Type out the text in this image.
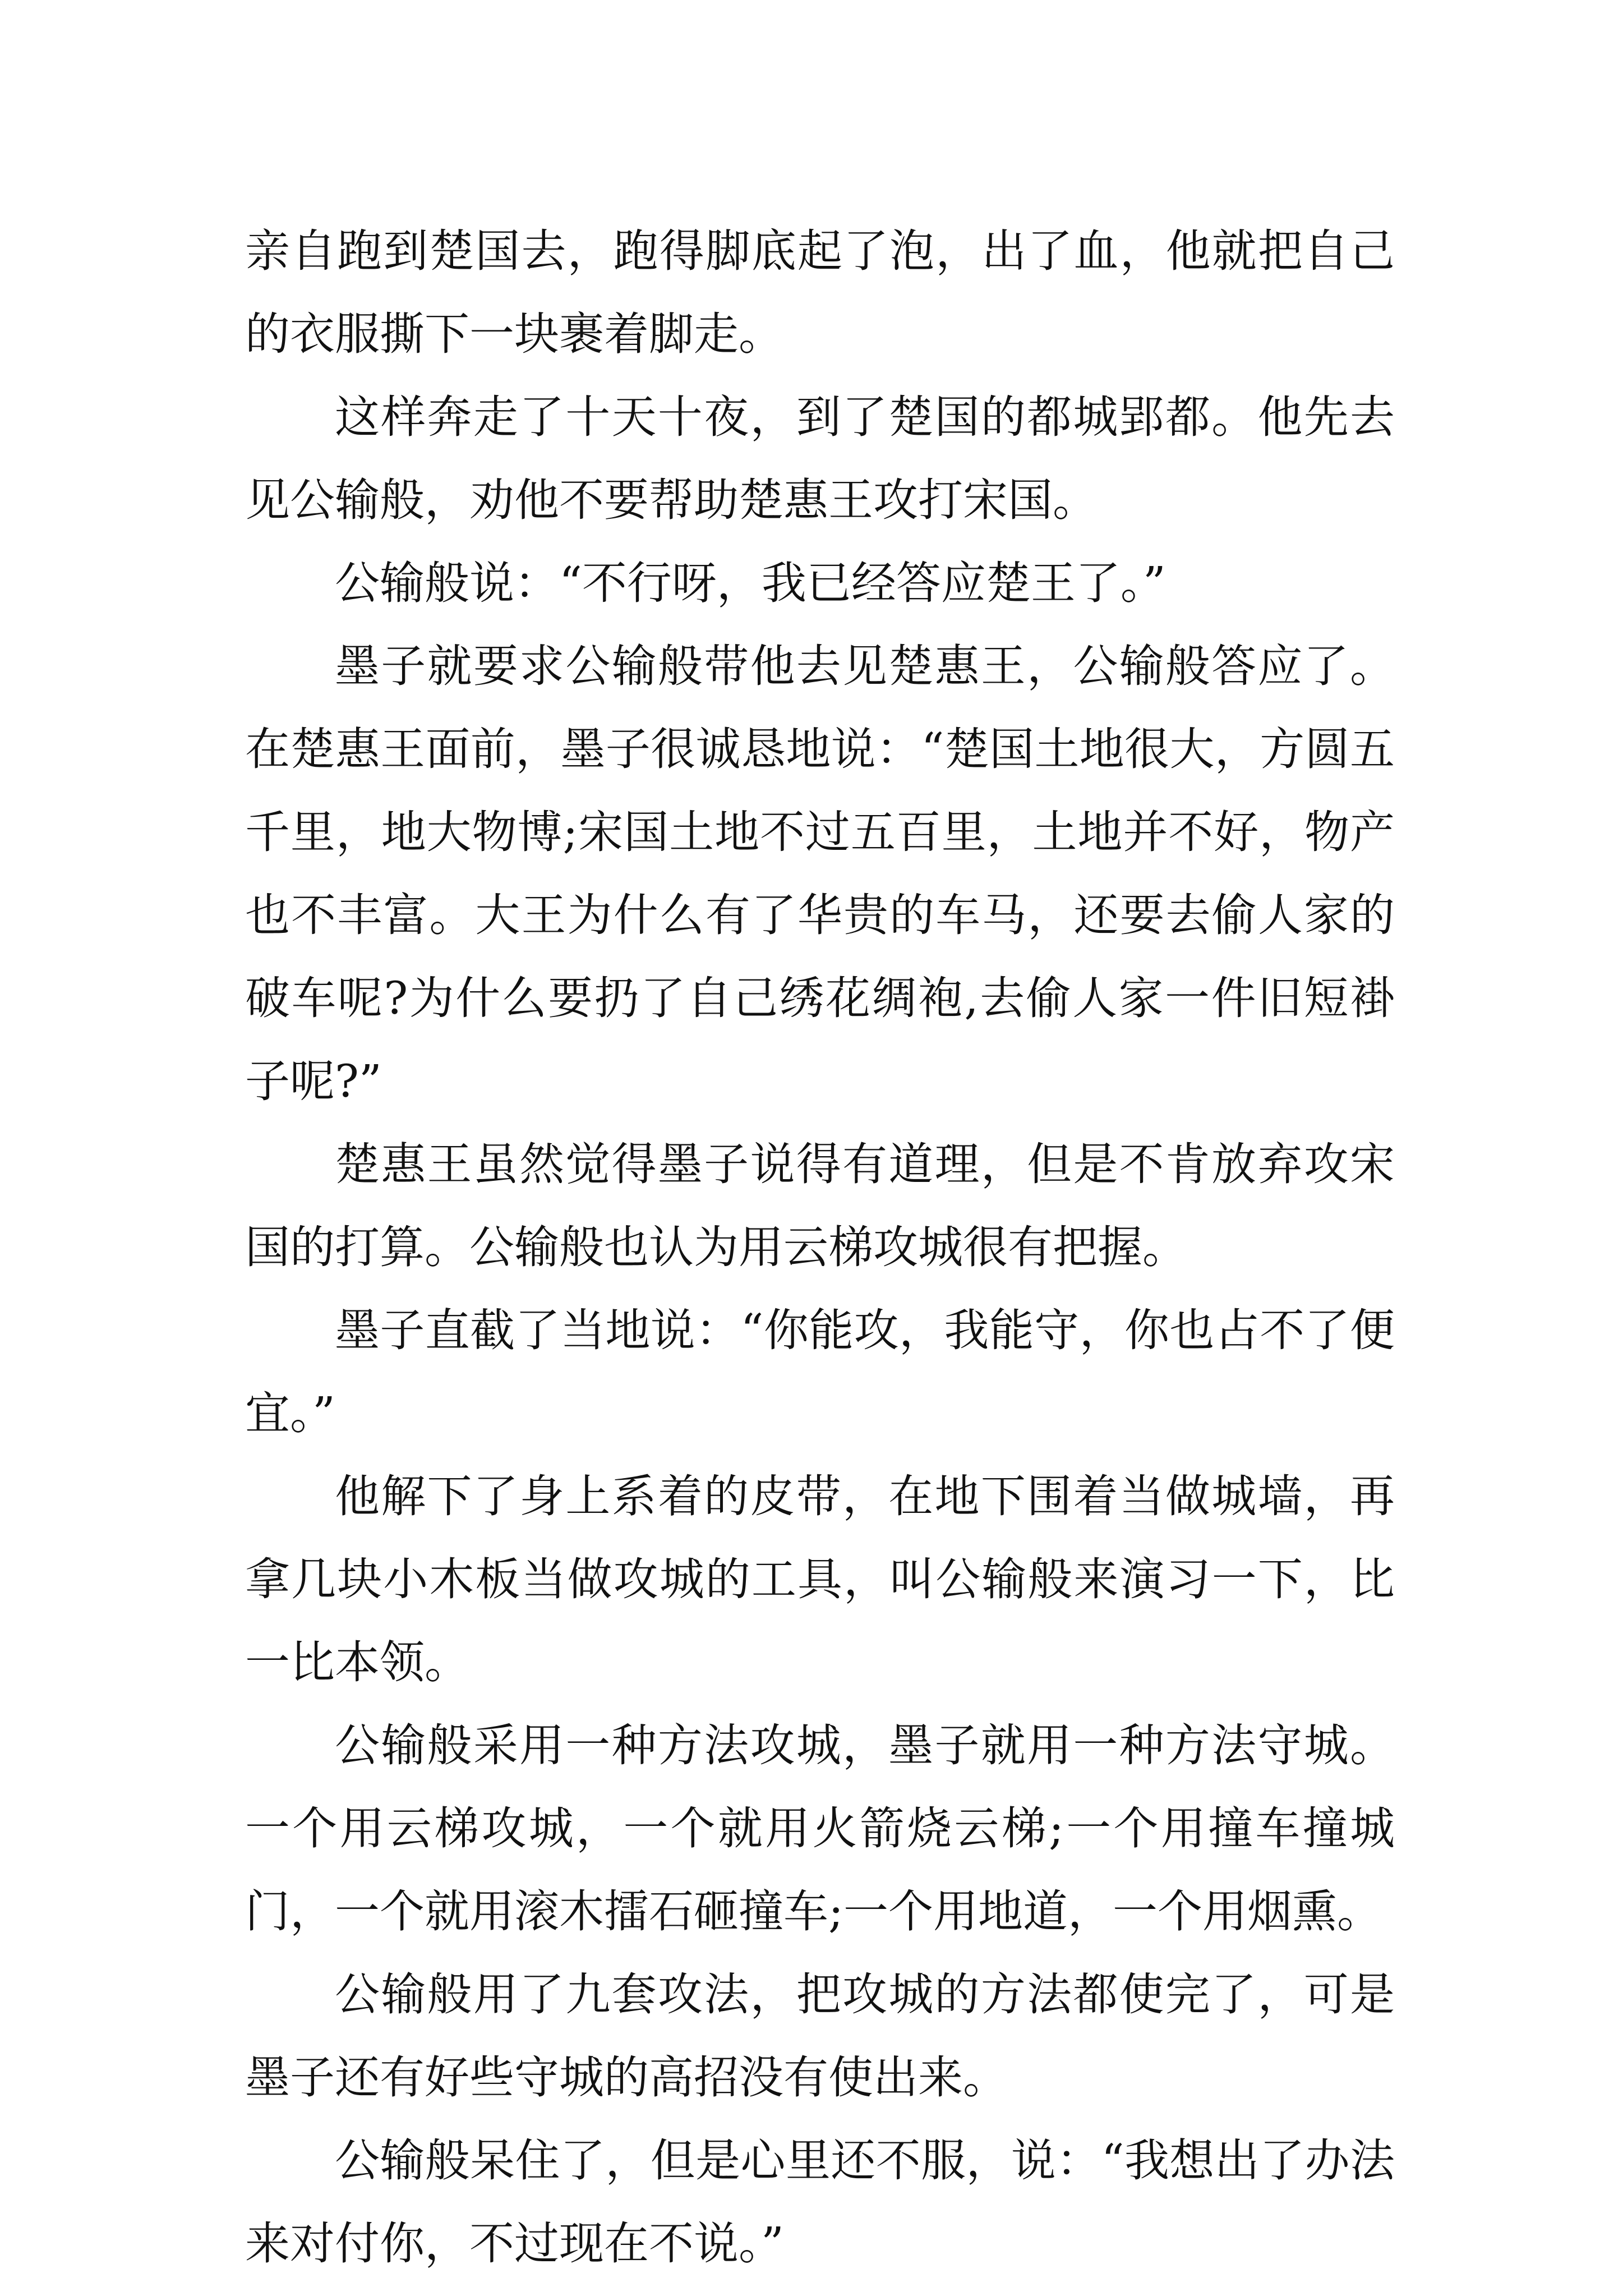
亲自跑到楚国去，跑得脚底起了泡，出了血，他就把自己的衣服撕下一块裹着脚走。

这样奔走了十天十夜，到了楚国的都城郢都。他先去见公输般，劝他不要帮助楚惠王攻打宋国。

公输般说：“不行呀，我已经答应楚王了。”

墨子就要求公输般带他去见楚惠王，公输般答应了。在楚惠王面前，墨子很诚恳地说：“楚国土地很大，方圆五千里，地大物博;宋国土地不过五百里，土地并不好，物产也不丰富。大王为什么有了华贵的车马，还要去偷人家的破车呢?为什么要扔了自己绣花绸袍,去偷人家一件旧短褂子呢?”

楚惠王虽然觉得墨子说得有道理，但是不肯放弃攻宋国的打算。公输般也认为用云梯攻城很有把握。

墨子直截了当地说：“你能攻，我能守，你也占不了便宜。”

他解下了身上系着的皮带，在地下围着当做城墙，再拿几块小木板当做攻城的工具，叫公输般来演习一下，比一比本领。

公输般采用一种方法攻城，墨子就用一种方法守城。一个用云梯攻城，一个就用火箭烧云梯;一个用撞车撞城门，一个就用滚木擂石砸撞车;一个用地道，一个用烟熏。

公输般用了九套攻法，把攻城的方法都使完了，可是墨子还有好些守城的高招没有使出来。

公输般呆住了，但是心里还不服，说：“我想出了办法来对付你，不过现在不说。”
